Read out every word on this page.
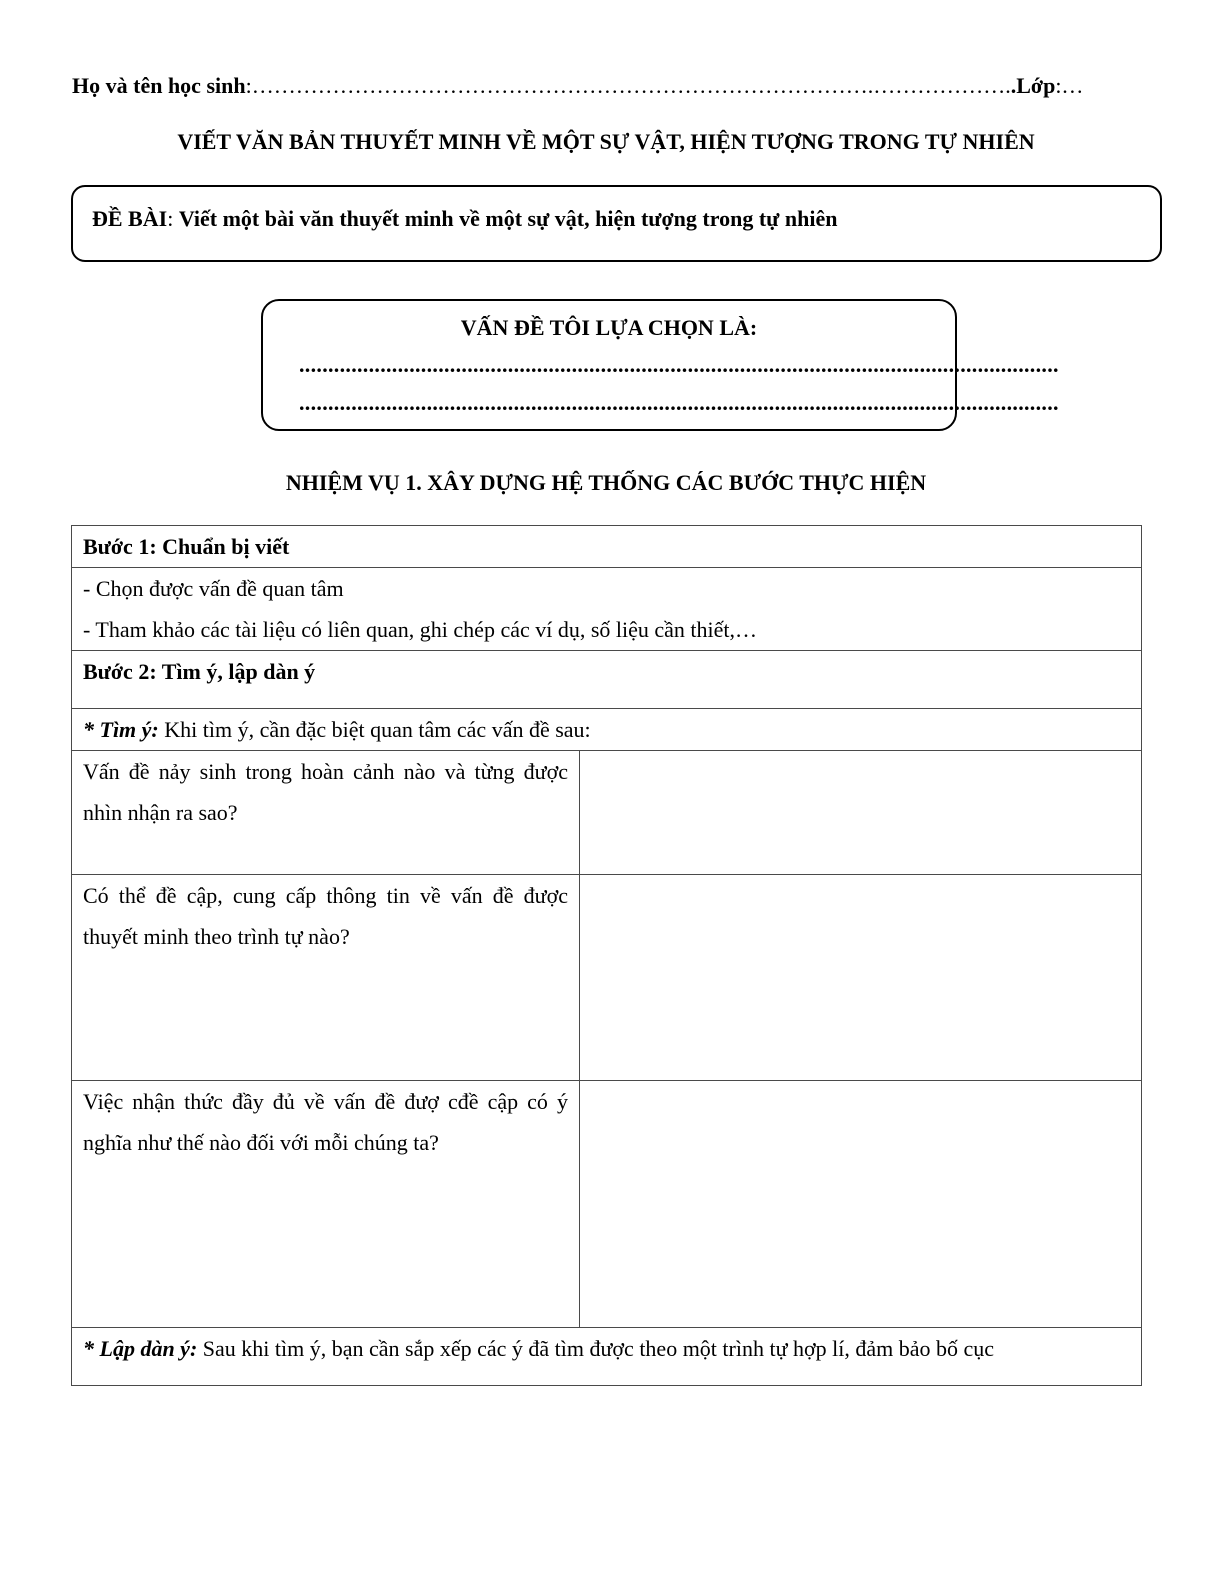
Họ và tên học sinh:………………………………………………………………………….………………..Lớp:…
VIẾT VĂN BẢN THUYẾT MINH VỀ MỘT SỰ VẬT, HIỆN TƯỢNG TRONG TỰ NHIÊN
ĐỀ BÀI: Viết một bài văn thuyết minh về một sự vật, hiện tượng trong tự nhiên
VẤN ĐỀ TÔI LỰA CHỌN LÀ:
...................................................................................................................................
...................................................................................................................................
NHIỆM VỤ 1. XÂY DỰNG HỆ THỐNG CÁC BƯỚC THỰC HIỆN
Bước 1: Chuẩn bị viết	

- Chọn được vấn đề quan tâm
- Tham khảo các tài liệu có liên quan, ghi chép các ví dụ, số liệu cần thiết,…	

Bước 2: Tìm ý, lập dàn ý	
* Tìm ý: Khi tìm ý, cần đặc biệt quan tâm các vấn đề sau:	

Vấn đề nảy sinh trong hoàn cảnh nào và từng được
nhìn nhận ra sao?	

Có thể đề cập, cung cấp thông tin về vấn đề được
thuyết minh theo trình tự nào?	

Việc nhận thức đầy đủ về vấn đề đượ cđề cập có ý
nghĩa như thế nào đối với mỗi chúng ta?	

* Lập dàn ý: Sau khi tìm ý, bạn cần sắp xếp các ý đã tìm được theo một trình tự hợp lí, đảm bảo bố cục	
